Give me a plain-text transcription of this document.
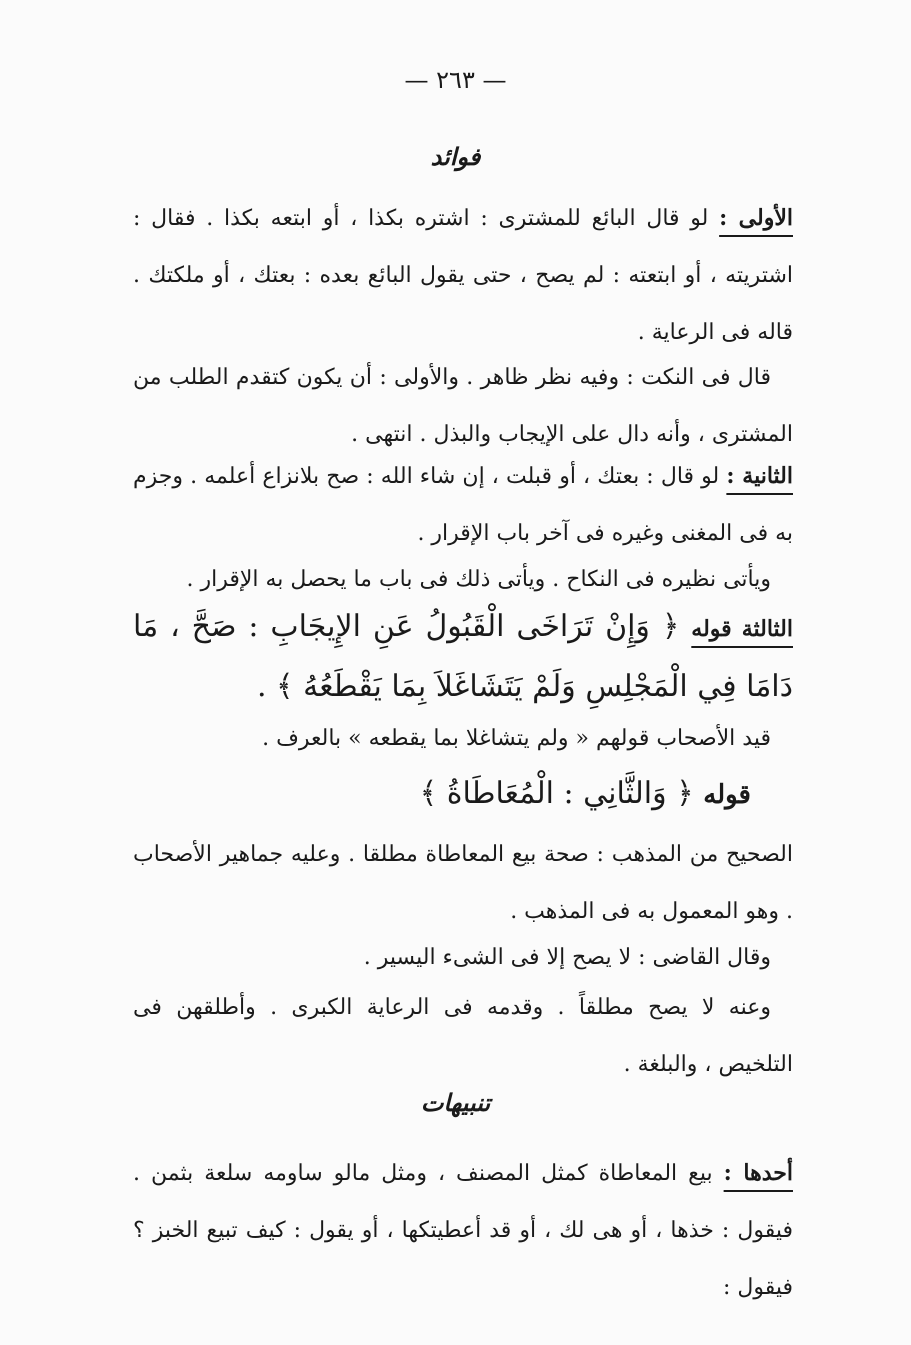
— ٢٦٣ —
فوائد
الأولى : لو قال البائع للمشترى : اشتره بكذا ، أو ابتعه بكذا . فقال : اشتريته ، أو ابتعته : لم يصح ، حتى يقول البائع بعده : بعتك ، أو ملكتك . قاله فى الرعاية .
قال فى النكت : وفيه نظر ظاهر . والأولى : أن يكون كتقدم الطلب من المشترى ، وأنه دال على الإيجاب والبذل . انتهى .
الثانية : لو قال : بعتك ، أو قبلت ، إن شاء الله : صح بلانزاع أعلمه . وجزم به فى المغنى وغيره فى آخر باب الإقرار .
ويأتى نظيره فى النكاح . ويأتى ذلك فى باب ما يحصل به الإقرار .
الثالثة قوله ﴿ وَإِنْ تَرَاخَى الْقَبُولُ عَنِ الإِيجَابِ : صَحَّ ، مَا دَامَا فِي الْمَجْلِسِ وَلَمْ يَتَشَاغَلاَ بِمَا يَقْطَعُهُ ﴾ .
قيد الأصحاب قولهم « ولم يتشاغلا بما يقطعه » بالعرف .
قوله ﴿ وَالثَّانِي : الْمُعَاطَاةُ ﴾
الصحيح من المذهب : صحة بيع المعاطاة مطلقا . وعليه جماهير الأصحاب . وهو المعمول به فى المذهب .
وقال القاضى : لا يصح إلا فى الشىء اليسير .
وعنه لا يصح مطلقاً . وقدمه فى الرعاية الكبرى . وأطلقهن فى التلخيص ، والبلغة .
تنبيهات
أحدها : بيع المعاطاة كمثل المصنف ، ومثل مالو ساومه سلعة بثمن . فيقول : خذها ، أو هى لك ، أو قد أعطيتكها ، أو يقول : كيف تبيع الخبز ؟ فيقول :
